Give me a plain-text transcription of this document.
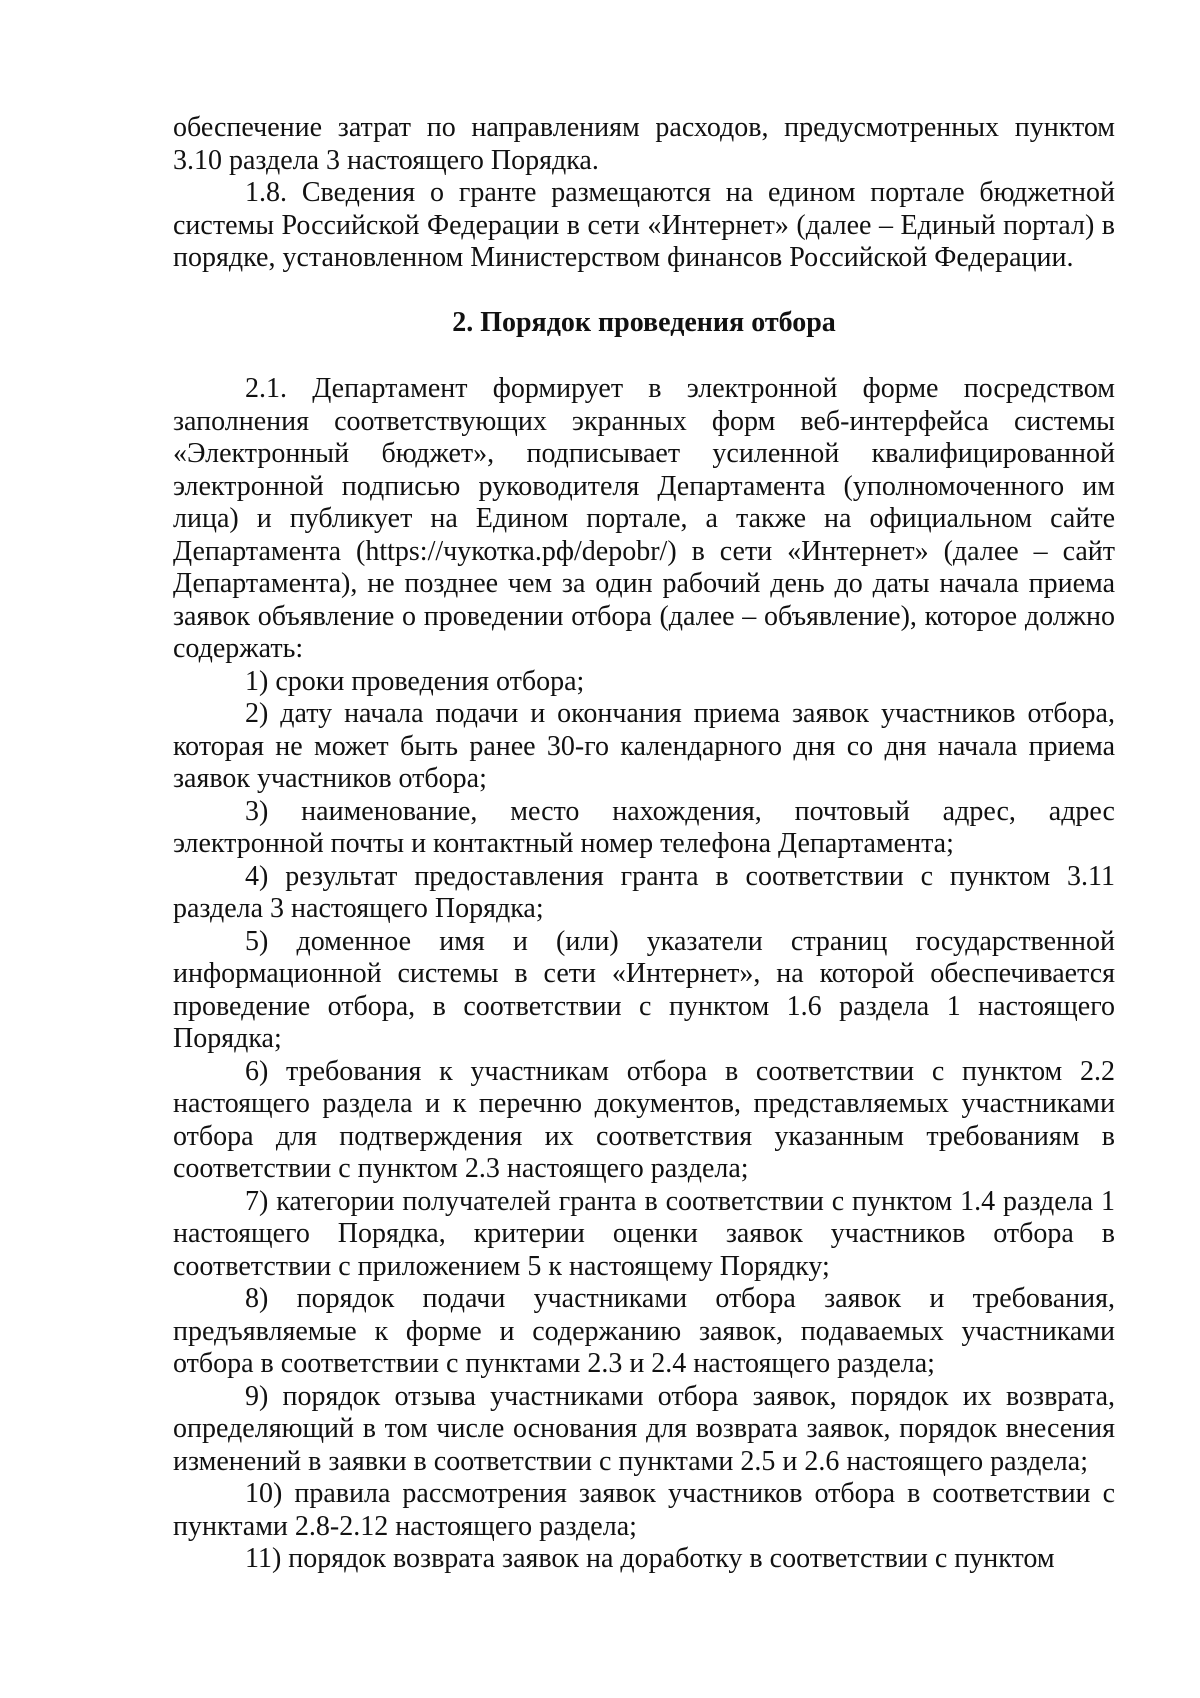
обеспечение затрат по направлениям расходов, предусмотренных пунктом 3.10 раздела 3 настоящего Порядка.

1.8. Сведения о гранте размещаются на едином портале бюджетной системы Российской Федерации в сети «Интернет» (далее – Единый портал) в порядке, установленном Министерством финансов Российской Федерации.

2. Порядок проведения отбора

2.1. Департамент формирует в электронной форме посредством заполнения соответствующих экранных форм веб-интерфейса системы «Электронный бюджет», подписывает усиленной квалифицированной электронной подписью руководителя Департамента (уполномоченного им лица) и публикует на Едином портале, а также на официальном сайте Департамента (https://чукотка.рф/depobr/) в сети «Интернет» (далее – сайт Департамента), не позднее чем за один рабочий день до даты начала приема заявок объявление о проведении отбора (далее – объявление), которое должно содержать:

1) сроки проведения отбора;

2) дату начала подачи и окончания приема заявок участников отбора, которая не может быть ранее 30-го календарного дня со дня начала приема заявок участников отбора;

3) наименование, место нахождения, почтовый адрес, адрес электронной почты и контактный номер телефона Департамента;

4) результат предоставления гранта в соответствии с пунктом 3.11 раздела 3 настоящего Порядка;

5) доменное имя и (или) указатели страниц государственной информационной системы в сети «Интернет», на которой обеспечивается проведение отбора, в соответствии с пунктом 1.6 раздела 1 настоящего Порядка;

6) требования к участникам отбора в соответствии с пунктом 2.2 настоящего раздела и к перечню документов, представляемых участниками отбора для подтверждения их соответствия указанным требованиям в соответствии с пунктом 2.3 настоящего раздела;

7) категории получателей гранта в соответствии с пунктом 1.4 раздела 1 настоящего Порядка, критерии оценки заявок участников отбора в соответствии с приложением 5 к настоящему Порядку;

8) порядок подачи участниками отбора заявок и требования, предъявляемые к форме и содержанию заявок, подаваемых участниками отбора в соответствии с пунктами 2.3 и 2.4 настоящего раздела;

9) порядок отзыва участниками отбора заявок, порядок их возврата, определяющий в том числе основания для возврата заявок, порядок внесения изменений в заявки в соответствии с пунктами 2.5 и 2.6 настоящего раздела;

10) правила рассмотрения заявок участников отбора в соответствии с пунктами 2.8-2.12 настоящего раздела;

11) порядок возврата заявок на доработку в соответствии с пунктом
